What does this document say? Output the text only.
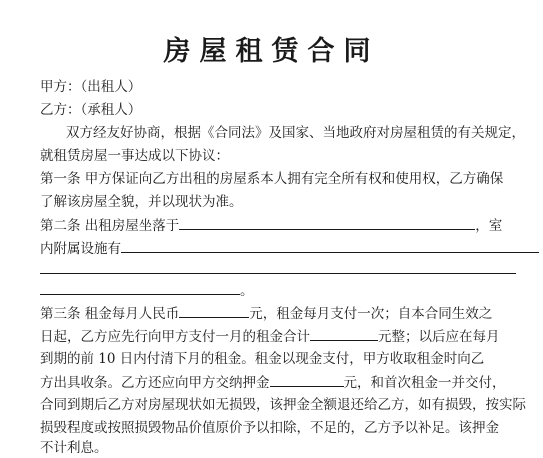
房屋租赁合同
甲方：（出租人）
乙方：（承租人）
双方经友好协商，根据《合同法》及国家、当地政府对房屋租赁的有关规定，
就租赁房屋一事达成以下协议：
第一条 甲方保证向乙方出租的房屋系本人拥有完全所有权和使用权，乙方确保
了解该房屋全貌，并以现状为准。
第二条 出租房屋坐落于	，室
内附属设施有
。
第三条 租金每月人民币	元，租金每月支付一次；自本合同生效之
日起，乙方应先行向甲方支付一月的租金合计	元整；以后应在每月
到期的前 10 日内付清下月的租金。租金以现金支付，甲方收取租金时向乙
方出具收条。乙方还应向甲方交纳押金	元，和首次租金一并交付，
合同到期后乙方对房屋现状如无损毁，该押金全额退还给乙方，如有损毁，按实际
损毁程度或按照损毁物品价值原价予以扣除，不足的，乙方予以补足。该押金
不计利息。
